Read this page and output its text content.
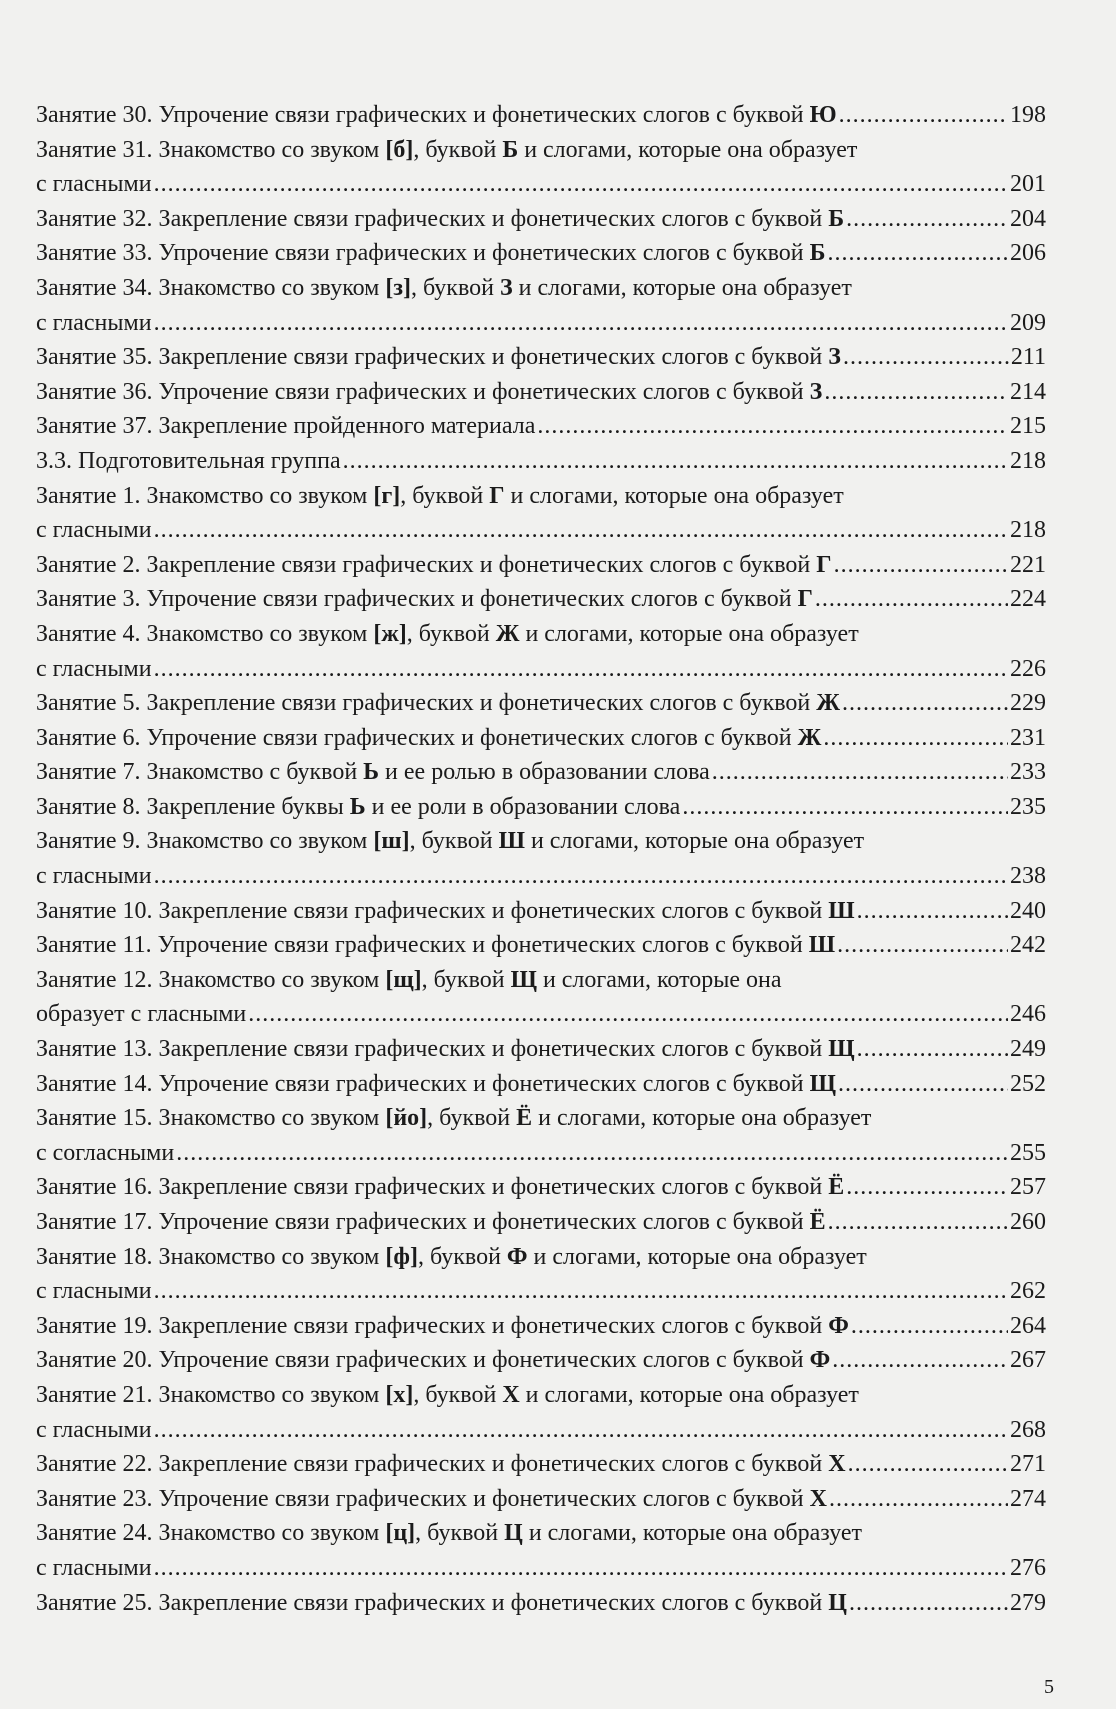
Занятие 30. Упрочение связи графических и фонетических слогов с буквой Ю .....	198
Занятие 31. Знакомство со звуком [б], буквой Б и слогами, которые она образует
с гласными .....	201
Занятие 32. Закрепление связи графических и фонетических слогов с буквой Б .....	204
Занятие 33. Упрочение связи графических и фонетических слогов с буквой Б .....	206
Занятие 34. Знакомство со звуком [з], буквой З и слогами, которые она образует
с гласными .....	209
Занятие 35. Закрепление связи графических и фонетических слогов с буквой З .....	211
Занятие 36. Упрочение связи графических и фонетических слогов с буквой З .....	214
Занятие 37. Закрепление пройденного материала .....	215
3.3. Подготовительная группа .....	218
Занятие 1. Знакомство со звуком [г], буквой Г и слогами, которые она образует
с гласными .....	218
Занятие 2. Закрепление связи графических и фонетических слогов с буквой Г .....	221
Занятие 3. Упрочение связи графических и фонетических слогов с буквой Г .....	224
Занятие 4. Знакомство со звуком [ж], буквой Ж и слогами, которые она образует
с гласными .....	226
Занятие 5. Закрепление связи графических и фонетических слогов с буквой Ж .....	229
Занятие 6. Упрочение связи графических и фонетических слогов с буквой Ж .....	231
Занятие 7. Знакомство с буквой Ь и ее ролью в образовании слова .....	233
Занятие 8. Закрепление буквы Ь и ее роли в образовании слова .....	235
Занятие 9. Знакомство со звуком [ш], буквой Ш и слогами, которые она образует
с гласными .....	238
Занятие 10. Закрепление связи графических и фонетических слогов с буквой Ш .....	240
Занятие 11. Упрочение связи графических и фонетических слогов с буквой Ш .....	242
Занятие 12. Знакомство со звуком [щ], буквой Щ и слогами, которые она
образует с гласными .....	246
Занятие 13. Закрепление связи графических и фонетических слогов с буквой Щ .....	249
Занятие 14. Упрочение связи графических и фонетических слогов с буквой Щ .....	252
Занятие 15. Знакомство со звуком [йо], буквой Ё и слогами, которые она образует
с согласными .....	255
Занятие 16. Закрепление связи графических и фонетических слогов с буквой Ё .....	257
Занятие 17. Упрочение связи графических и фонетических слогов с буквой Ё .....	260
Занятие 18. Знакомство со звуком [ф], буквой Ф и слогами, которые она образует
с гласными .....	262
Занятие 19. Закрепление связи графических и фонетических слогов с буквой Ф .....	264
Занятие 20. Упрочение связи графических и фонетических слогов с буквой Ф .....	267
Занятие 21. Знакомство со звуком [х], буквой Х и слогами, которые она образует
с гласными .....	268
Занятие 22. Закрепление связи графических и фонетических слогов с буквой Х .....	271
Занятие 23. Упрочение связи графических и фонетических слогов с буквой Х .....	274
Занятие 24. Знакомство со звуком [ц], буквой Ц и слогами, которые она образует
с гласными .....	276
Занятие 25. Закрепление связи графических и фонетических слогов с буквой Ц .....	279
5
